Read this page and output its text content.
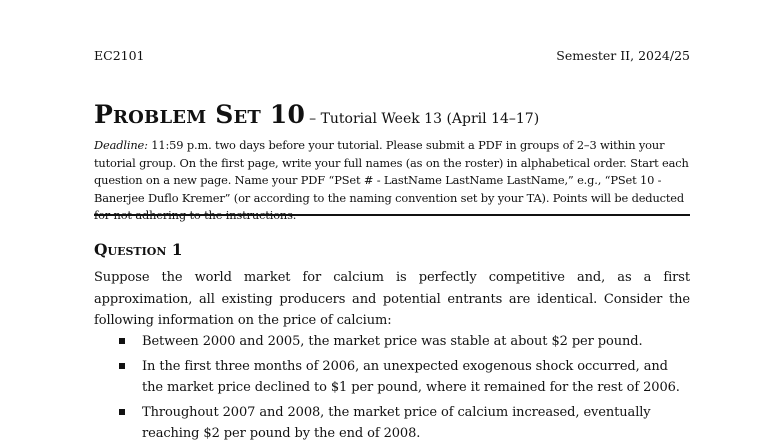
EC2101	Semester II, 2024/25
Problem Set 10 – Tutorial Week 13 (April 14–17)
Deadline: 11:59 p.m. two days before your tutorial. Please submit a PDF in groups of 2–3 within your tutorial group. On the first page, write your full names (as on the roster) in alphabetical order. Start each question on a new page. Name your PDF “PSet # - LastName LastName LastName,” e.g., “PSet 10 - Banerjee Duflo Kremer” (or according to the naming convention set by your TA). Points will be deducted
Question 1
Suppose the world market for calcium is perfectly competitive and, as a first approximation, all existing producers and potential entrants are identical. Consider the following information on the price of calcium:
Between 2000 and 2005, the market price was stable at about $2 per pound.
In the first three months of 2006, an unexpected exogenous shock occurred, and the market price declined to $1 per pound, where it remained for the rest of 2006.
Throughout 2007 and 2008, the market price of calcium increased, eventually reaching $2 per pound by the end of 2008.
